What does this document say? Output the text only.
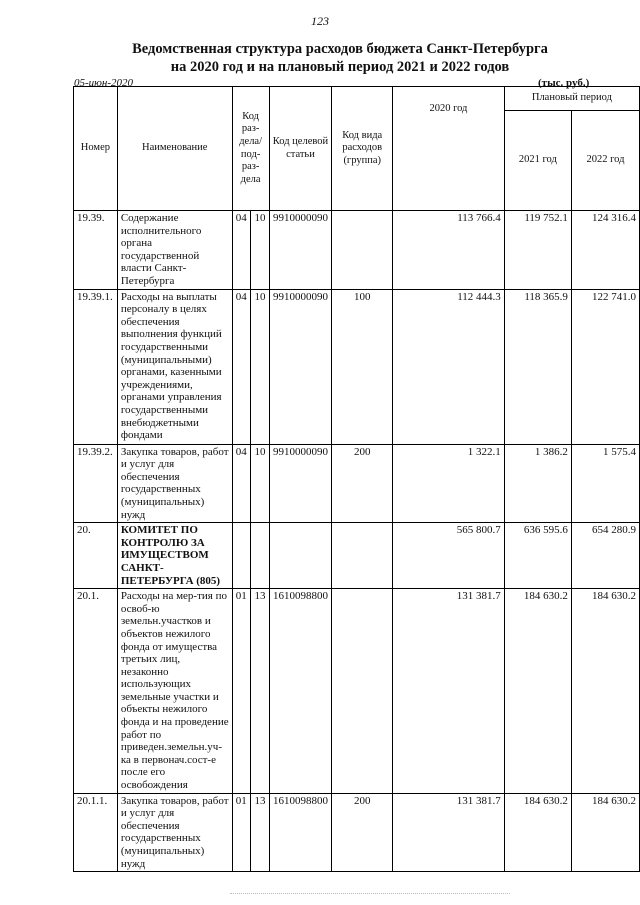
123
Ведомственная структура расходов бюджета Санкт-Петербурга
на 2020 год и на плановый период 2021 и 2022 годов
05-июн-2020	(тыс. руб.)
Номер	Наименование	Код раз-дела/ под-раз-дела		Код целевой статьи	Код вида расходов (группа)	2020 год	Плановый период	
							2021 год	2022 год
19.39.	Содержание исполнительного органа государственной власти Санкт-Петербурга	04	10	9910000090		113 766.4	119 752.1	124 316.4
19.39.1.	Расходы на выплаты персоналу в целях обеспечения выполнения функций государственными (муниципальными) органами, казенными учреждениями, органами управления государственными внебюджетными фондами	04	10	9910000090	100	112 444.3	118 365.9	122 741.0
19.39.2.	Закупка товаров, работ и услуг для обеспечения государственных (муниципальных) нужд	04	10	9910000090	200	1 322.1	1 386.2	1 575.4
20.	КОМИТЕТ ПО КОНТРОЛЮ ЗА ИМУЩЕСТВОМ САНКТ-ПЕТЕРБУРГА (805)					565 800.7	636 595.6	654 280.9
20.1.	Расходы на мер-тия по освоб-ю земельн.участков и объектов нежилого фонда от имущества третьих лиц, незаконно использующих земельные участки и объекты нежилого фонда и на проведение работ по приведен.земельн.уч-ка в первонач.сост-е после его освобождения	01	13	1610098800		131 381.7	184 630.2	184 630.2
20.1.1.	Закупка товаров, работ и услуг для обеспечения государственных (муниципальных) нужд	01	13	1610098800	200	131 381.7	184 630.2	184 630.2
